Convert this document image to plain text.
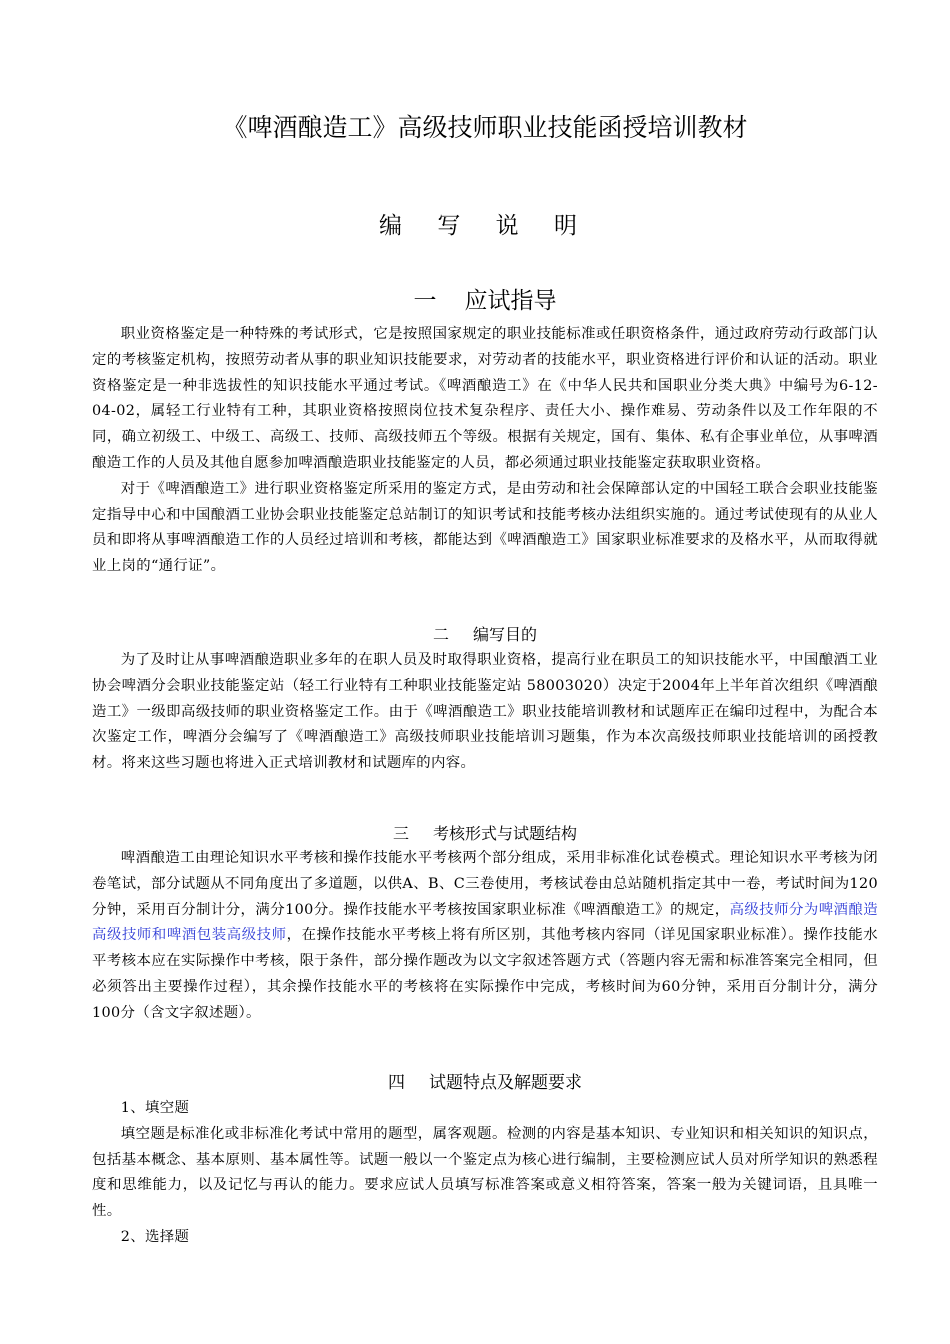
《啤酒酿造工》高级技师职业技能函授培训教材
编 写 说 明
一 应试指导

职业资格鉴定是一种特殊的考试形式，它是按照国家规定的职业技能标准或任职资格条件，通过政府劳动行政部门认定的考核鉴定机构，按照劳动者从事的职业知识技能要求，对劳动者的技能水平，职业资格进行评价和认证的活动。职业资格鉴定是一种非选拔性的知识技能水平通过考试。《啤酒酿造工》在《中华人民共和国职业分类大典》中编号为6-12-04-02，属轻工行业特有工种，其职业资格按照岗位技术复杂程序、责任大小、操作难易、劳动条件以及工作年限的不同，确立初级工、中级工、高级工、技师、高级技师五个等级。根据有关规定，国有、集体、私有企事业单位，从事啤酒酿造工作的人员及其他自愿参加啤酒酿造职业技能鉴定的人员，都必须通过职业技能鉴定获取职业资格。

对于《啤酒酿造工》进行职业资格鉴定所采用的鉴定方式，是由劳动和社会保障部认定的中国轻工联合会职业技能鉴定指导中心和中国酿酒工业协会职业技能鉴定总站制订的知识考试和技能考核办法组织实施的。通过考试使现有的从业人员和即将从事啤酒酿造工作的人员经过培训和考核，都能达到《啤酒酿造工》国家职业标准要求的及格水平，从而取得就业上岗的“通行证”。

二 编写目的

为了及时让从事啤酒酿造职业多年的在职人员及时取得职业资格，提高行业在职员工的知识技能水平，中国酿酒工业协会啤酒分会职业技能鉴定站（轻工行业特有工种职业技能鉴定站 58003020）决定于2004年上半年首次组织《啤酒酿造工》一级即高级技师的职业资格鉴定工作。由于《啤酒酿造工》职业技能培训教材和试题库正在编印过程中，为配合本次鉴定工作，啤酒分会编写了《啤酒酿造工》高级技师职业技能培训习题集，作为本次高级技师职业技能培训的函授教材。将来这些习题也将进入正式培训教材和试题库的内容。

三 考核形式与试题结构

啤酒酿造工由理论知识水平考核和操作技能水平考核两个部分组成，采用非标准化试卷模式。理论知识水平考核为闭卷笔试，部分试题从不同角度出了多道题，以供A、B、C三卷使用，考核试卷由总站随机指定其中一卷，考试时间为120分钟，采用百分制计分，满分100分。操作技能水平考核按国家职业标准《啤酒酿造工》的规定，高级技师分为啤酒酿造高级技师和啤酒包装高级技师，在操作技能水平考核上将有所区别，其他考核内容同（详见国家职业标准）。操作技能水平考核本应在实际操作中考核，限于条件，部分操作题改为以文字叙述答题方式（答题内容无需和标准答案完全相同，但必须答出主要操作过程），其余操作技能水平的考核将在实际操作中完成，考核时间为60分钟，采用百分制计分，满分100分（含文字叙述题）。

四 试题特点及解题要求

1、填空题

填空题是标准化或非标准化考试中常用的题型，属客观题。检测的内容是基本知识、专业知识和相关知识的知识点，包括基本概念、基本原则、基本属性等。试题一般以一个鉴定点为核心进行编制，主要检测应试人员对所学知识的熟悉程度和思维能力，以及记忆与再认的能力。要求应试人员填写标准答案或意义相符答案，答案一般为关键词语，且具唯一性。

2、选择题
